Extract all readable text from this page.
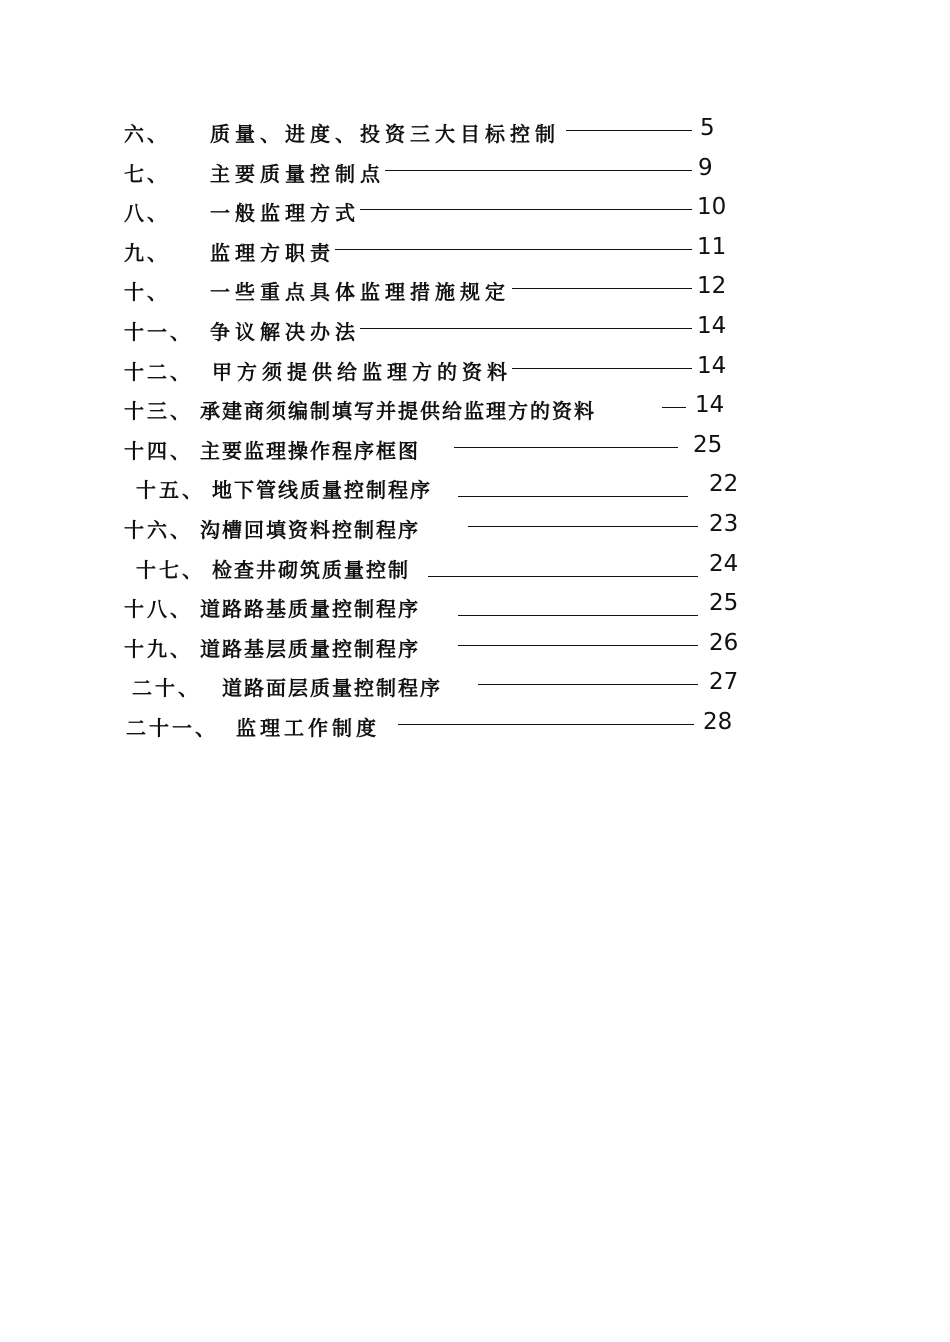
六、 质量、进度、投资三大目标控制	5
七、 主要质量控制点	9
八、 一般监理方式	10
九、 监理方职责	11
十、 一些重点具体监理措施规定	12
十一、 争议解决办法	14
十二、 甲方须提供给监理方的资料	14
十三、 承建商须编制填写并提供给监理方的资料	14
十四、 主要监理操作程序框图	25
十五、 地下管线质量控制程序	22
十六、 沟槽回填资料控制程序	23
十七、 检查井砌筑质量控制	24
十八、 道路路基质量控制程序	25
十九、 道路基层质量控制程序	26
二十、 道路面层质量控制程序	27
二十一、 监理工作制度	28
